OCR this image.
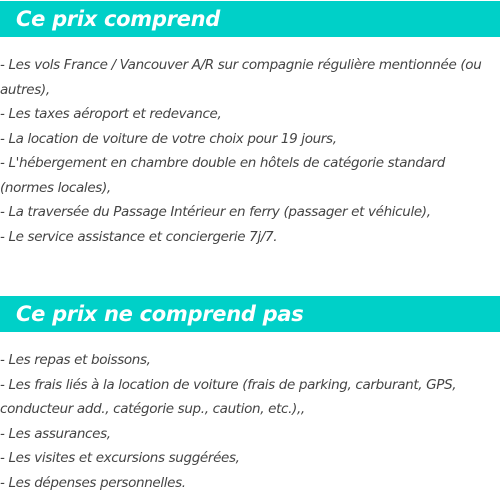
Ce prix comprend
- Les vols France / Vancouver A/R sur compagnie régulière mentionnée (ou autres),
- Les taxes aéroport et redevance,
- La location de voiture de votre choix pour 19 jours,
- L'hébergement en chambre double en hôtels de catégorie standard (normes locales),
- La traversée du Passage Intérieur en ferry (passager et véhicule),
- Le service assistance et conciergerie 7j/7.
Ce prix ne comprend pas
- Les repas et boissons,
- Les frais liés à la location de voiture (frais de parking, carburant, GPS, conducteur add., catégorie sup., caution, etc.),,
- Les assurances,
- Les visites et excursions suggérées,
- Les dépenses personnelles.
